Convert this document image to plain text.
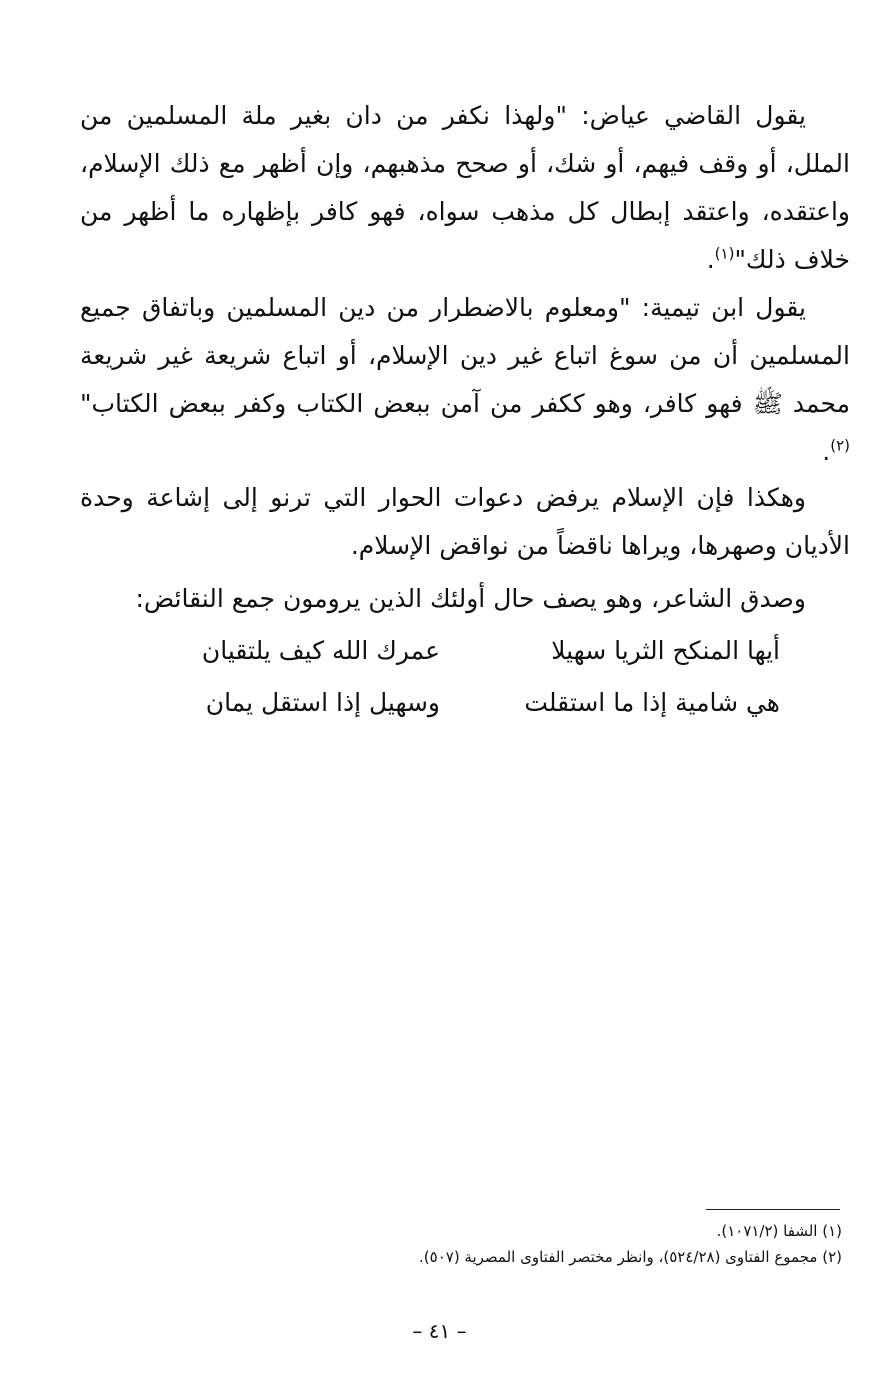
يقول القاضي عياض: "ولهذا نكفر من دان بغير ملة المسلمين من الملل، أو وقف فيهم، أو شك، أو صحح مذهبهم، وإن أظهر مع ذلك الإسلام، واعتقده، واعتقد إبطال كل مذهب سواه، فهو كافر بإظهاره ما أظهر من خلاف ذلك"$^{(١)}$.
يقول ابن تيمية: "ومعلوم بالاضطرار من دين المسلمين وباتفاق جميع المسلمين أن من سوغ اتباع غير دين الإسلام، أو اتباع شريعة غير شريعة محمد ﷺ فهو كافر، وهو ككفر من آمن ببعض الكتاب وكفر ببعض الكتاب"$^{(٢)}$.
وهكذا فإن الإسلام يرفض دعوات الحوار التي ترنو إلى إشاعة وحدة الأديان وصهرها، ويراها ناقضاً من نواقض الإسلام.
وصدق الشاعر، وهو يصف حال أولئك الذين يرومون جمع النقائض:
أيها المنكح الثريا سهيلا
عمرك الله كيف يلتقيان
هي شامية إذا ما استقلت
وسهيل إذا استقل يمان
(١) الشفا (١٠٧١/٢).
(٢) مجموع الفتاوى (٥٢٤/٢٨)، وانظر مختصر الفتاوى المصرية (٥٠٧).
– ٤١ –
